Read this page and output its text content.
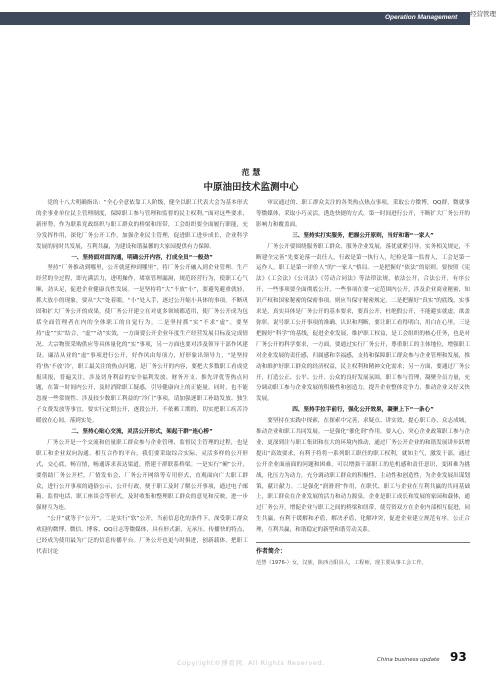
Operation Management 经营管理
范 慧
中原油田技术监测中心

党的十八大明确指出：“全心全意依靠工人阶级，健全以职工代表大会为基本形式的企事业单位民主管理制度，保障职工参与管理和监督的民主权利。”面对这些要求，新形势、作为联系党政组织与职工群众的桥梁和纽带，工会组织要全面履行职能，充分发挥作用，深化厂务公开工作，加强企业民主管理，促进职工进步成长，企业科学发展的同时共发展，互利共赢，为建设和谐温馨的大家园提供有力保障。

一、坚持面对面沟通，明确公开内容，打成全员“一般劲”

坚持“厂务推动到哪里，公开就延伸到哪里”，将厂务公开融入到企业管理、生产经营的全过程，即充满活力，进明操作，堵塞管理漏洞，规范经营行为，使职工心气顺，劲头足，促进企业健康良性发展。一是坚持将“大”不放“小”，要避免避重就轻，抓大放小的现象，要从“大”处着眼，“小”处入手，逐过公开缩小具体的事项。不断巩固和扩大厂务公开的成果，使厂务公开建立在对更多领域都适用，使厂务公开成为包括全面管理者在内的全体职工的自觉行为。二是坚持抓“实”不求“虚”。要坚持“虚”“实”结合，“虚”“动”实效，一方面要公开企业年度生产经营发展目标及完成情况、大宗物资采购供应等具体量化的“实”事项，另一方面也要对涉及领导干部作风建设、廉洁从业的“虚”事项进行公开，好作风由每项力，好形象出领导力，“是坚持将‘热’不放‘冷’，职工最关注的热点问题，是厂务公开的内容，要把大多数职工看成党报读报，普遍关注，涉及切身利益的安全福利发放、财务开支、推先评优等热点问题，在第一时间内公开，及时消除职工疑惑，引导健康向上的正能量。同时，也不能忽视一些常规性、涉及较少数职工利益的“冷门”事项，请加强逐职工补助发放、独生子女费发放等事宜，要实行定期公开，逐段公开，不依赖工期的，切实把职工疾苦冷暖放在心间，落到实处。

二、坚持心贴心交流，灵活公开形式，架起干群“连心桥”

厂务公开是一个交流和倍量职工群众参与企业管理、监督民主管理的过程，也是职工和企业双向沟通、相互合作的平台。我们要采取综合实际，灵活多样的公开形式，交心底，畅宣情，畅通诉求表达渠道，搭建干群联系桥梁。一是实行“硬”公开，要借助厂务公开栏，厂情发布会、厂务公开网络等专用形式，直观面向广大职工群众，进行公开事项的通俗公示，公开行政，便于职工及时了解公开事项，通过电子邮箱、监督电话、职工座谈会等形式，及时收集和整理职工群众的意见和反映，进一步强财互为连。

“公开”就等于“公开”，二是实行“软”公开，当前信息化的条件下，深受职工群众欢迎的微博、微信、博客、QQ日志等微媒体，具有形式新，无承压、传播快的特点，已经成为使用最为广泛的信息传播平台。厂务公开也更与时俱进，创新载体，把职工代表讨论

审议通过的、职工群众关注的各类热点热点事项，采取公方微博，QQ群，微就事等微媒体，采取小巧灵活，透迭快捷的方式，第一时间进行公开，不断扩大厂务公开的影响力和覆盖面。

三、坚持实打实服务，把握公开原则，当好和谐“一家人”

厂务公开要围绕服务职工群众、服务企业发展，落优就紧引导，实务相关规定，不断建全完善“先要论落一责任人，行政是第一执行人，纪检是第一监督人，工会是第一运作人，职工是第一评价人”的“一家人”格局。一是把握好“依法”的原则。要按照《宪法》《工会法》《公司法》《劳动合同法》等法律法规，依法公开，合法公开，有序公开，一些事项要全面彻底公开，一些事项在要一定范围内公开，涉及企业商业秘密，知识产权和国家秘密的保密事项，则应当保守秘密规定。二是把握好“真实”的底线。实事求是，真实具体是厂务公开的基本要求，要真公开，杜绝假公开，不能避实就虚，欲盖弥彰。说号职工公开事项的准确、认识和判断，要让职工看得明白，用白在心里。三是把握好“科学”的基线，促进企业发展，维护职工权益，是工会组织的核心任务，也是对厂务公开的科学要求，一方面，要通过实行厂务公开，尊重职工的主体地位，增强职工对企业发展的责任感，归属感和幸福感，支持和保障职工群众参与企业管理和发展，推动和维护好职工群众的经济权益，民主权利和精神文化需求；另一方面，要通过厂务公开，打造公正、公平、公开、公众的良好发展氛围，职工参与管理，凝聚全员力量，充分调动职工参与企业发展的积极性和创造力，提升企业整体竞争力，推动企业又好又快发展。

四、坚持手拉手前行，强化公开效果，凝聚上下“一条心”

要坚持在实践中探索，在探索中完善，求疑点、讲实效，提心职工办、众志成城，推动企业和职工共同发展。一是强化“催化剂”作用，要入心，突心企业政策职工参与企业，更深到注与职工集团和在大的环境内推动，通过厂务公开企业的和谐发展讲步跃增提出“高效要求，有利于将将一系列职工职任的职工权利，就知主气，激发干部，通过公开企业面前面的问题和困难，可以增强干部职工的危机感和责任意识，变困难为挑战，化压力为动力，充分调动职工群众的积极性，主动性和创造性，为企业发展出谋划策，献计献力。二是强化“润滑剂”作用，在职代、职工与企业在互利共赢的共同基础上，职工群众在企业发展的活力和动力源泉，企业是职工成长和发展的家园和载体，通过厂务公开，增促企业与职工之间的桥梁和纽带，使劳资双方在企业内部相互促进，同生共赢，有利于缓解和矛盾，解决矛盾，化解冲突，促进企业建立规范有序，公正合理，互利共赢，和谐稳定的新型和谐劳动关系。

作者简介：
范慧（1976-）女，汉族，陕西合阳县人，工程师，现主要从事工会工作。
Copyright©博看网. All Rights Reserved.	China business update 93
